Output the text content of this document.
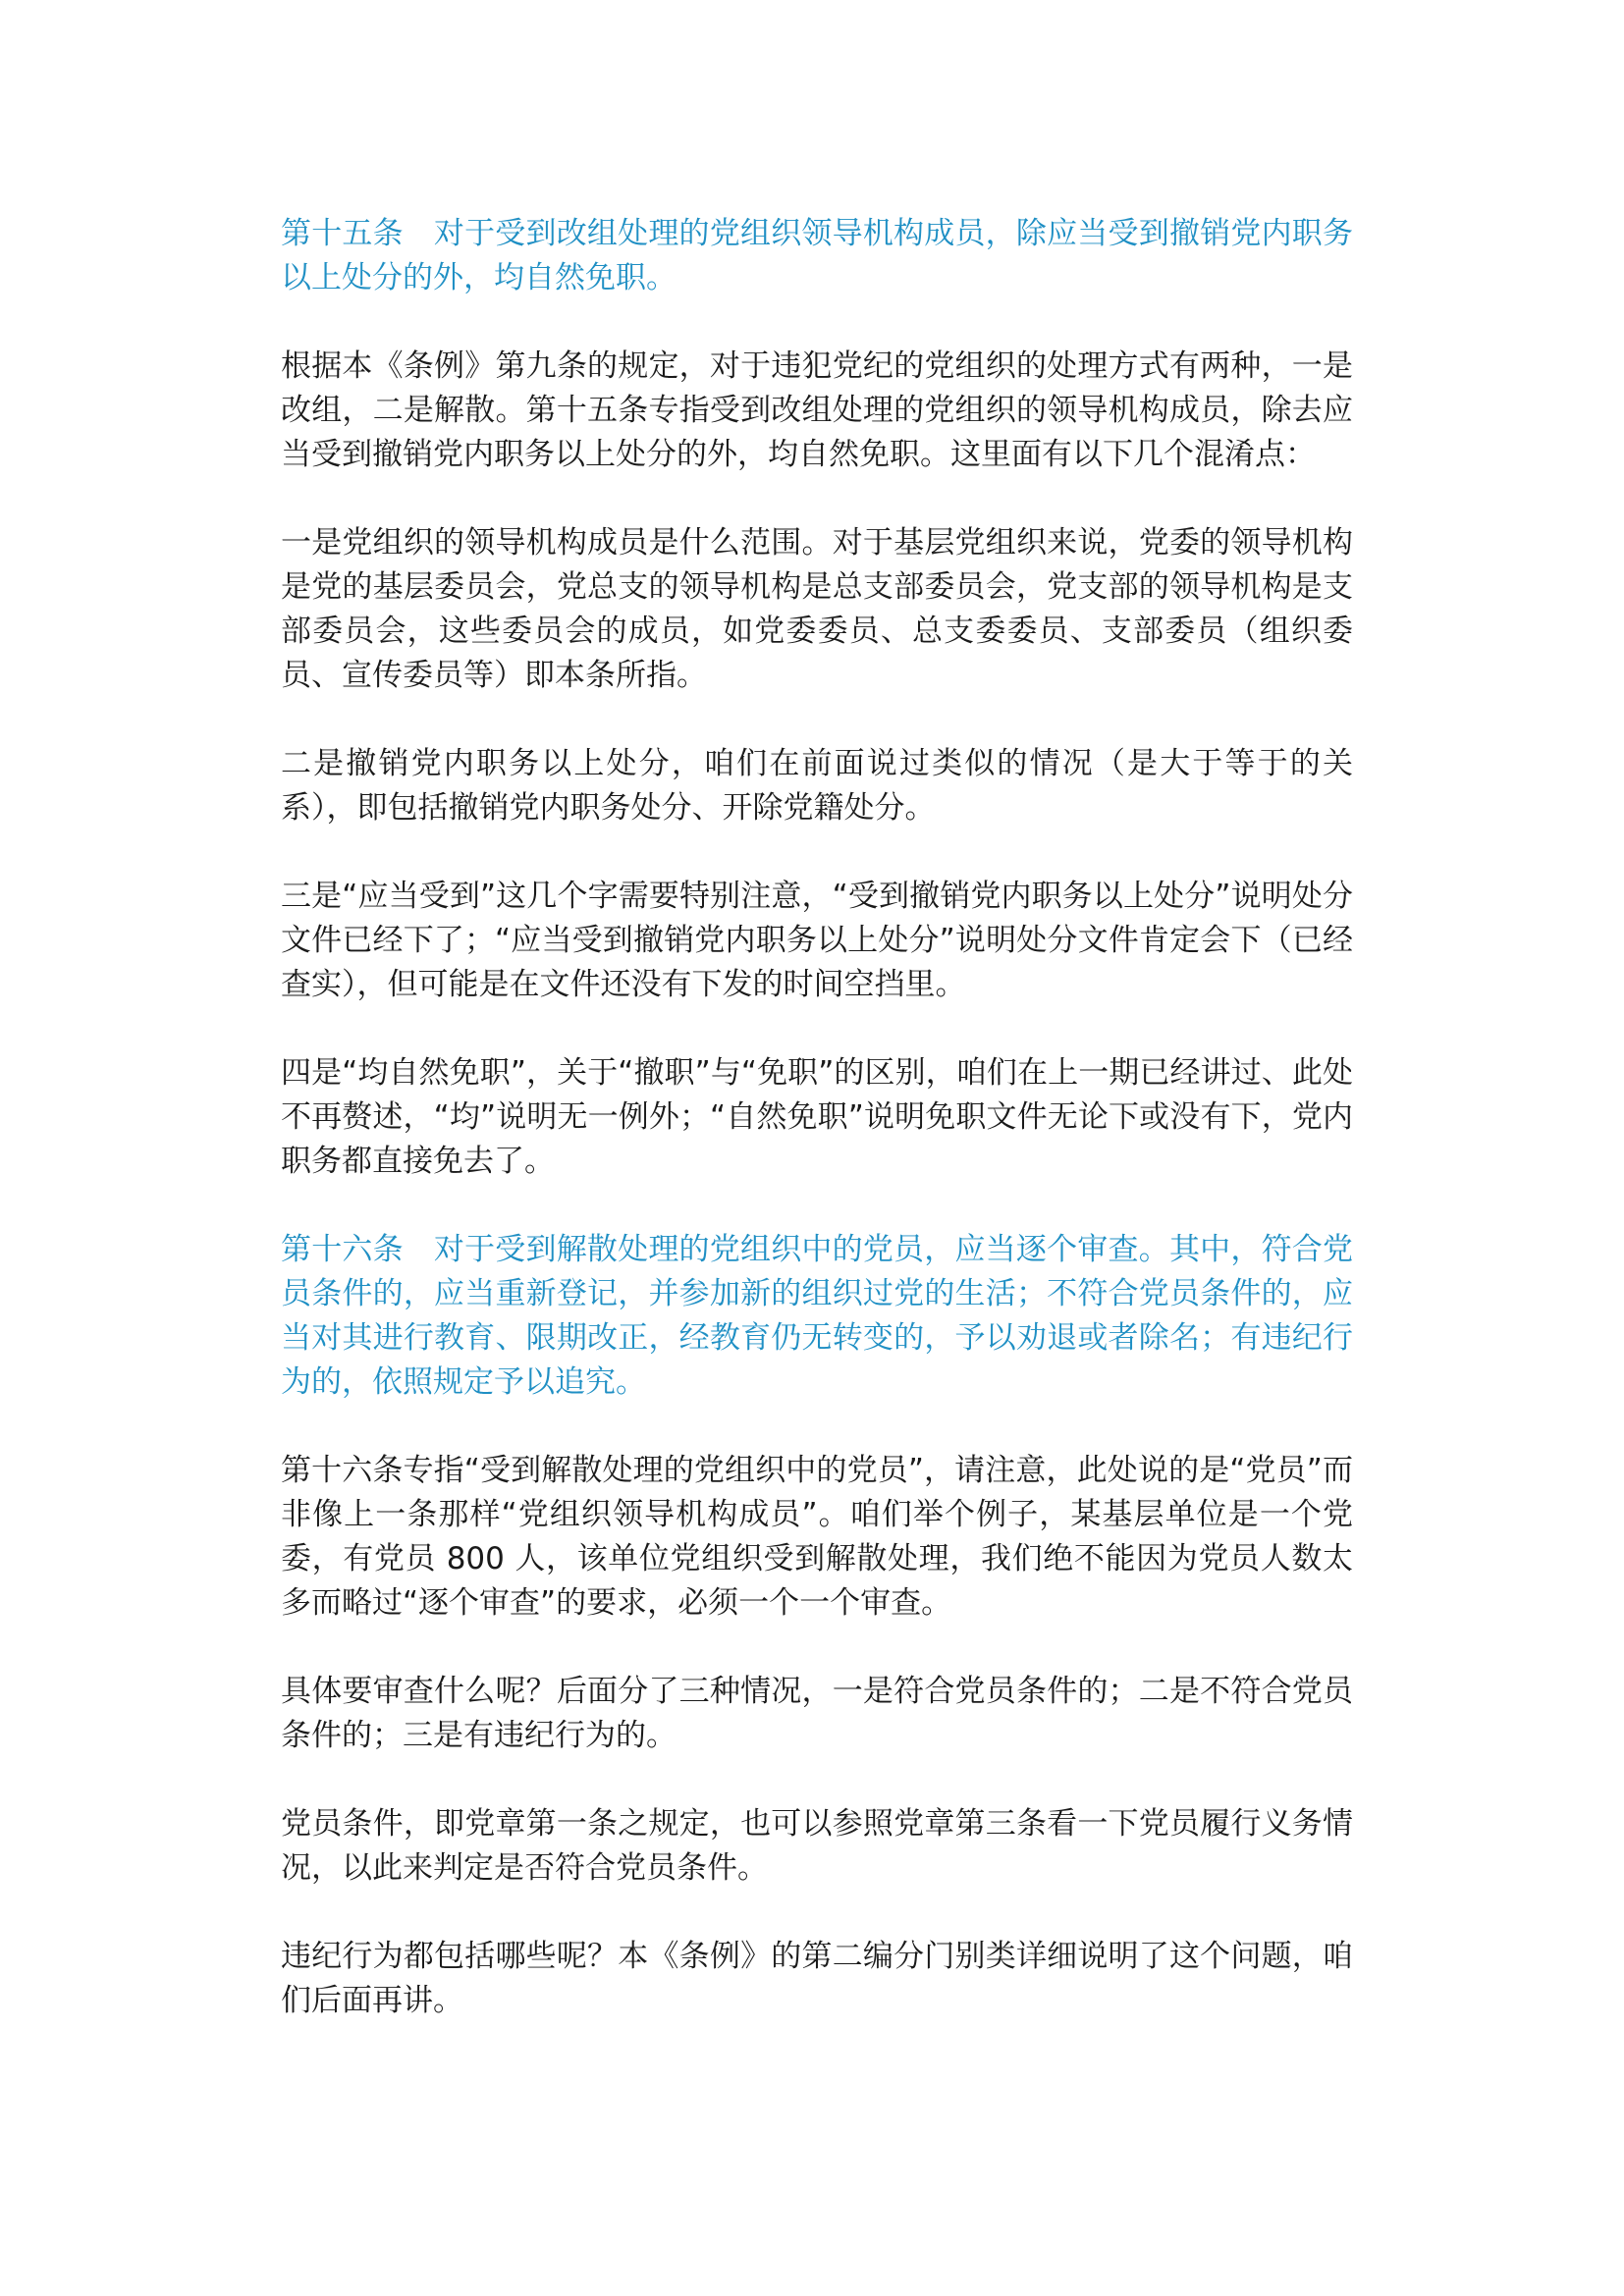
第十五条 对于受到改组处理的党组织领导机构成员，除应当受到撤销党内职务以上处分的外，均自然免职。

根据本《条例》第九条的规定，对于违犯党纪的党组织的处理方式有两种，一是改组，二是解散。第十五条专指受到改组处理的党组织的领导机构成员，除去应当受到撤销党内职务以上处分的外，均自然免职。这里面有以下几个混淆点：

一是党组织的领导机构成员是什么范围。对于基层党组织来说，党委的领导机构是党的基层委员会，党总支的领导机构是总支部委员会，党支部的领导机构是支部委员会，这些委员会的成员，如党委委员、总支委委员、支部委员（组织委员、宣传委员等）即本条所指。

二是撤销党内职务以上处分，咱们在前面说过类似的情况（是大于等于的关系），即包括撤销党内职务处分、开除党籍处分。

三是“应当受到”这几个字需要特别注意，“受到撤销党内职务以上处分”说明处分文件已经下了；“应当受到撤销党内职务以上处分”说明处分文件肯定会下（已经查实），但可能是在文件还没有下发的时间空挡里。

四是“均自然免职”，关于“撤职”与“免职”的区别，咱们在上一期已经讲过、此处不再赘述，“均”说明无一例外；“自然免职”说明免职文件无论下或没有下，党内职务都直接免去了。

第十六条 对于受到解散处理的党组织中的党员，应当逐个审查。其中，符合党员条件的，应当重新登记，并参加新的组织过党的生活；不符合党员条件的，应当对其进行教育、限期改正，经教育仍无转变的，予以劝退或者除名；有违纪行为的，依照规定予以追究。

第十六条专指“受到解散处理的党组织中的党员”，请注意，此处说的是“党员”而非像上一条那样“党组织领导机构成员”。咱们举个例子，某基层单位是一个党委，有党员 800 人，该单位党组织受到解散处理，我们绝不能因为党员人数太多而略过“逐个审查”的要求，必须一个一个审查。

具体要审查什么呢？后面分了三种情况，一是符合党员条件的；二是不符合党员条件的；三是有违纪行为的。

党员条件，即党章第一条之规定，也可以参照党章第三条看一下党员履行义务情况，以此来判定是否符合党员条件。

违纪行为都包括哪些呢？本《条例》的第二编分门别类详细说明了这个问题，咱们后面再讲。
